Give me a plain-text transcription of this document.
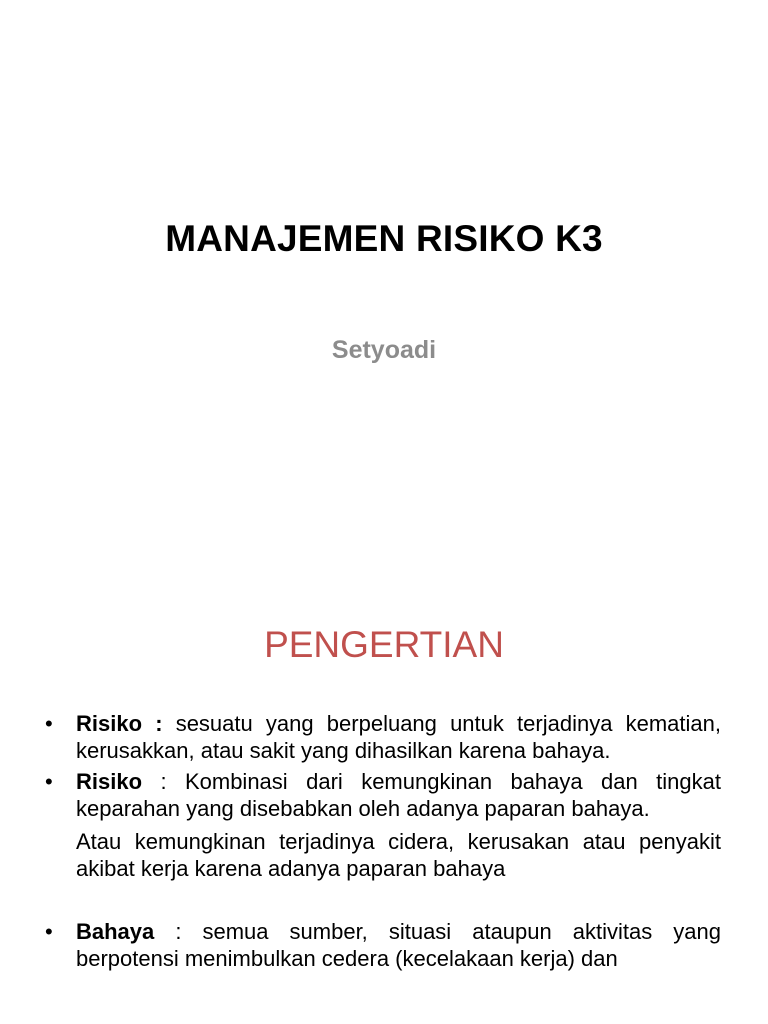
MANAJEMEN RISIKO K3
Setyoadi
PENGERTIAN
• Risiko : sesuatu yang berpeluang untuk terjadinya kematian, kerusakkan, atau sakit yang dihasilkan karena bahaya.
• Risiko : Kombinasi dari kemungkinan bahaya dan tingkat keparahan yang disebabkan oleh adanya paparan bahaya.
Atau kemungkinan terjadinya cidera, kerusakan atau penyakit akibat kerja karena adanya paparan bahaya
• Bahaya : semua sumber, situasi ataupun aktivitas yang berpotensi menimbulkan cedera (kecelakaan kerja) dan
